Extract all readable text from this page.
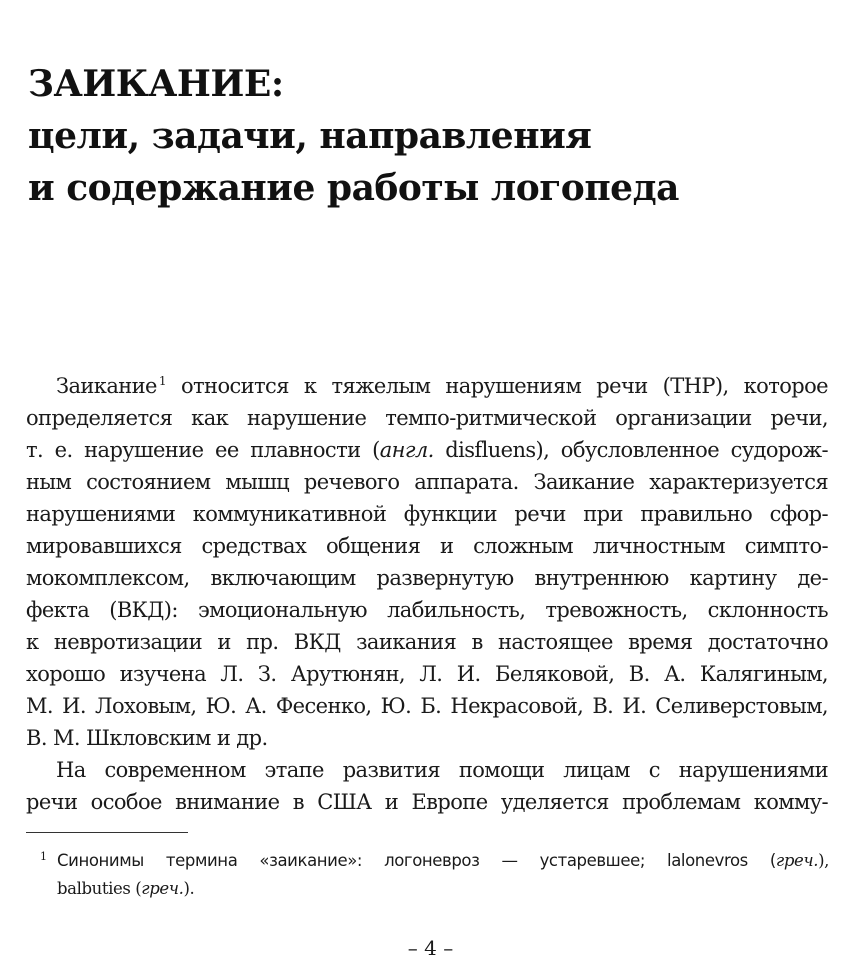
ЗАИКАНИЕ:
цели, задачи, направления
и содержание работы логопеда
Заикание $^1$ относится к тяжелым нарушениям речи (ТНР), которое
определяется как нарушение темпо-ритмической организации речи,
т. е. нарушение ее плавности (англ. disfluens), обусловленное судорож-
ным состоянием мышц речевого аппарата. Заикание характеризуется
нарушениями коммуникативной функции речи при правильно сфор-
мировавшихся средствах общения и сложным личностным симпто-
мокомплексом, включающим развернутую внутреннюю картину де-
фекта (ВКД): эмоциональную лабильность, тревожность, склонность
к невротизации и пр. ВКД заикания в настоящее время достаточно
хорошо изучена Л. З. Арутюнян, Л. И. Беляковой, В. А. Калягиным,
М. И. Лоховым, Ю. А. Фесенко, Ю. Б. Некрасовой, В. И. Селиверстовым,
В. М. Шкловским и др.
На современном этапе развития помощи лицам с нарушениями
речи особое внимание в США и Европе уделяется проблемам комму-
1 Синонимы термина «заикание»: логоневроз — устаревшее; lalonevros (греч.),
balbuties (греч.).
– 4 –
